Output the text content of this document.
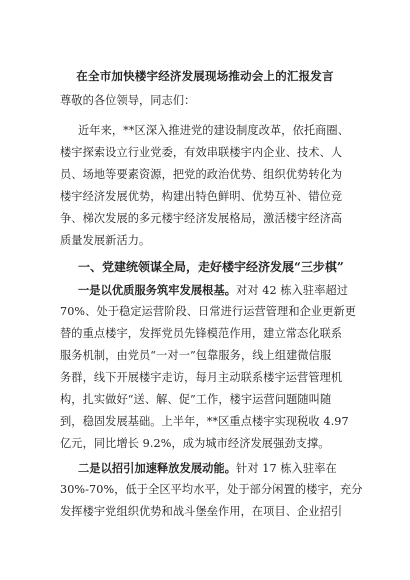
在全市加快楼宇经济发展现场推动会上的汇报发言
尊敬的各位领导，同志们：
近年来，**区深入推进党的建设制度改革，依托商圈、
楼宇探索设立行业党委，有效串联楼宇内企业、技术、人
员、场地等要素资源，把党的政治优势、组织优势转化为
楼宇经济发展优势，构建出特色鲜明、优势互补、错位竞
争、梯次发展的多元楼宇经济发展格局，激活楼宇经济高
质量发展新活力。
一、党建统领谋全局，走好楼宇经济发展“三步棋”
一是以优质服务筑牢发展根基。对对 42 栋入驻率超过
70%、处于稳定运营阶段、日常进行运营管理和企业更新更
替的重点楼宇，发挥党员先锋模范作用，建立常态化联系
服务机制，由党员“一对一”包靠服务，线上组建微信服
务群，线下开展楼宇走访，每月主动联系楼宇运营管理机
构，扎实做好“送、解、促”工作，楼宇运营问题随叫随
到，稳固发展基础。上半年，**区重点楼宇实现税收 4.97
亿元，同比增长 9.2%，成为城市经济发展强劲支撑。
二是以招引加速释放发展动能。针对 17 栋入驻率在
30%-70%，低于全区平均水平，处于部分闲置的楼宇，充分
发挥楼宇党组织优势和战斗堡垒作用，在项目、企业招引
